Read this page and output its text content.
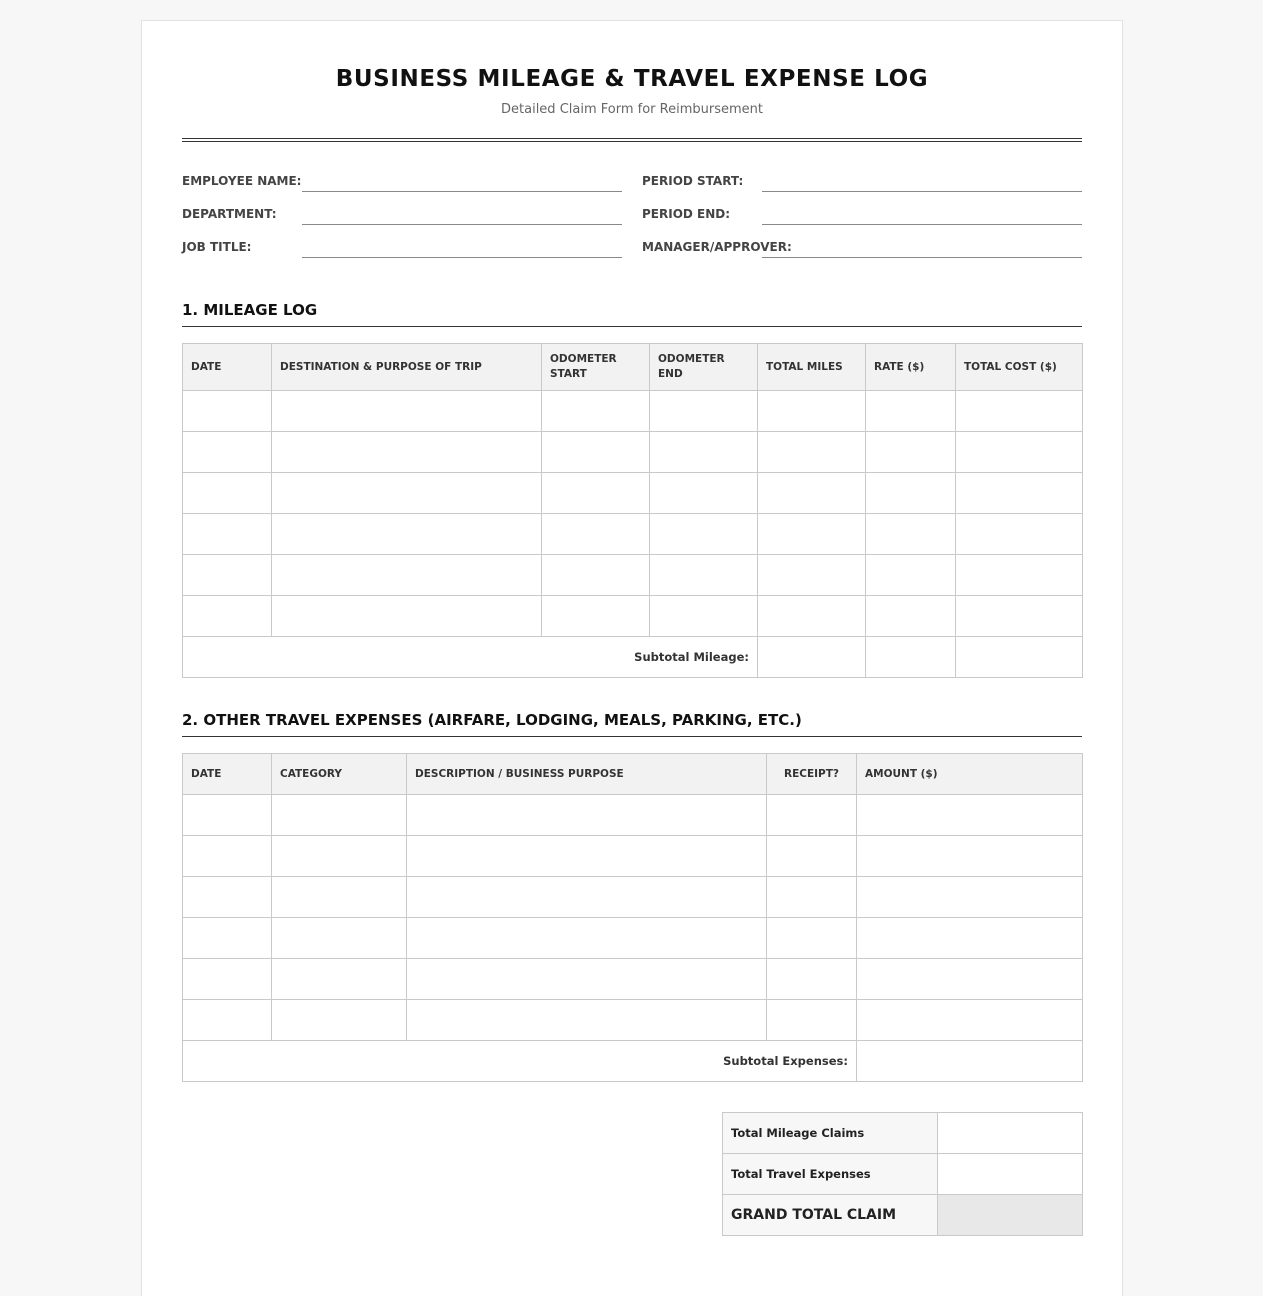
BUSINESS MILEAGE & TRAVEL EXPENSE LOG
Detailed Claim Form for Reimbursement
EMPLOYEE NAME:	PERIOD START:
DEPARTMENT:	PERIOD END:
JOB TITLE:	MANAGER/APPROVER:
1. MILEAGE LOG
DATE	DESTINATION & PURPOSE OF TRIP	ODOMETER START	ODOMETER END	TOTAL MILES	RATE ($)	TOTAL COST ($)

Subtotal Mileage:						
2. OTHER TRAVEL EXPENSES (AIRFARE, LODGING, MEALS, PARKING, ETC.)
DATE	CATEGORY	DESCRIPTION / BUSINESS PURPOSE	RECEIPT?	AMOUNT ($)

Subtotal Expenses:				
Total Mileage Claims	
Total Travel Expenses	
GRAND TOTAL CLAIM	
